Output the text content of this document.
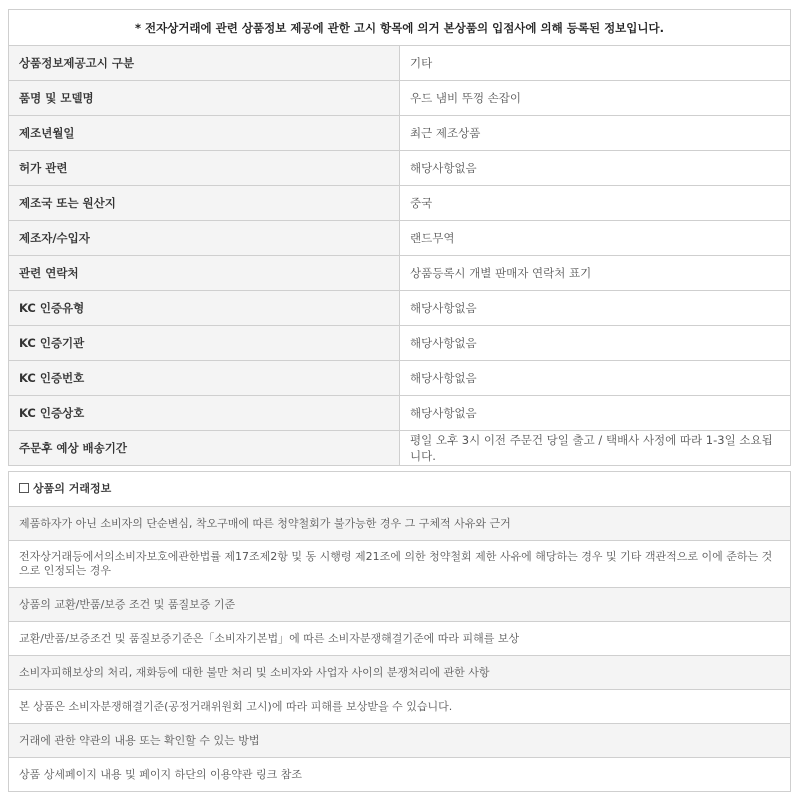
* 전자상거래에 관련 상품정보 제공에 관한 고시 항목에 의거 본상품의 입점사에 의해 등록된 정보입니다.	
상품정보제공고시 구분	기타
품명 및 모델명	우드 냄비 뚜껑 손잡이
제조년월일	최근 제조상품
허가 관련	해당사항없음
제조국 또는 원산지	중국
제조자/수입자	랜드무역
관련 연락처	상품등록시 개별 판매자 연락처 표기
KC 인증유형	해당사항없음
KC 인증기관	해당사항없음
KC 인증번호	해당사항없음
KC 인증상호	해당사항없음
주문후 예상 배송기간	평일 오후 3시 이전 주문건 당일 출고 / 택배사 사정에 따라 1-3일 소요됩니다.
상품의 거래정보
제품하자가 아닌 소비자의 단순변심, 착오구매에 따른 청약철회가 불가능한 경우 그 구체적 사유와 근거
전자상거래등에서의소비자보호에관한법률 제17조제2항 및 동 시행령 제21조에 의한 청약철회 제한 사유에 해당하는 경우 및 기타 객관적으로 이에 준하는 것으로 인정되는 경우
상품의 교환/반품/보증 조건 및 품질보증 기준
교환/반품/보증조건 및 품질보증기준은「소비자기본법」에 따른 소비자분쟁해결기준에 따라 피해를 보상
소비자피해보상의 처리, 재화등에 대한 불만 처리 및 소비자와 사업자 사이의 분쟁처리에 관한 사항
본 상품은 소비자분쟁해결기준(공정거래위원회 고시)에 따라 피해를 보상받을 수 있습니다.
거래에 관한 약관의 내용 또는 확인할 수 있는 방법
상품 상세페이지 내용 및 페이지 하단의 이용약관 링크 참조
